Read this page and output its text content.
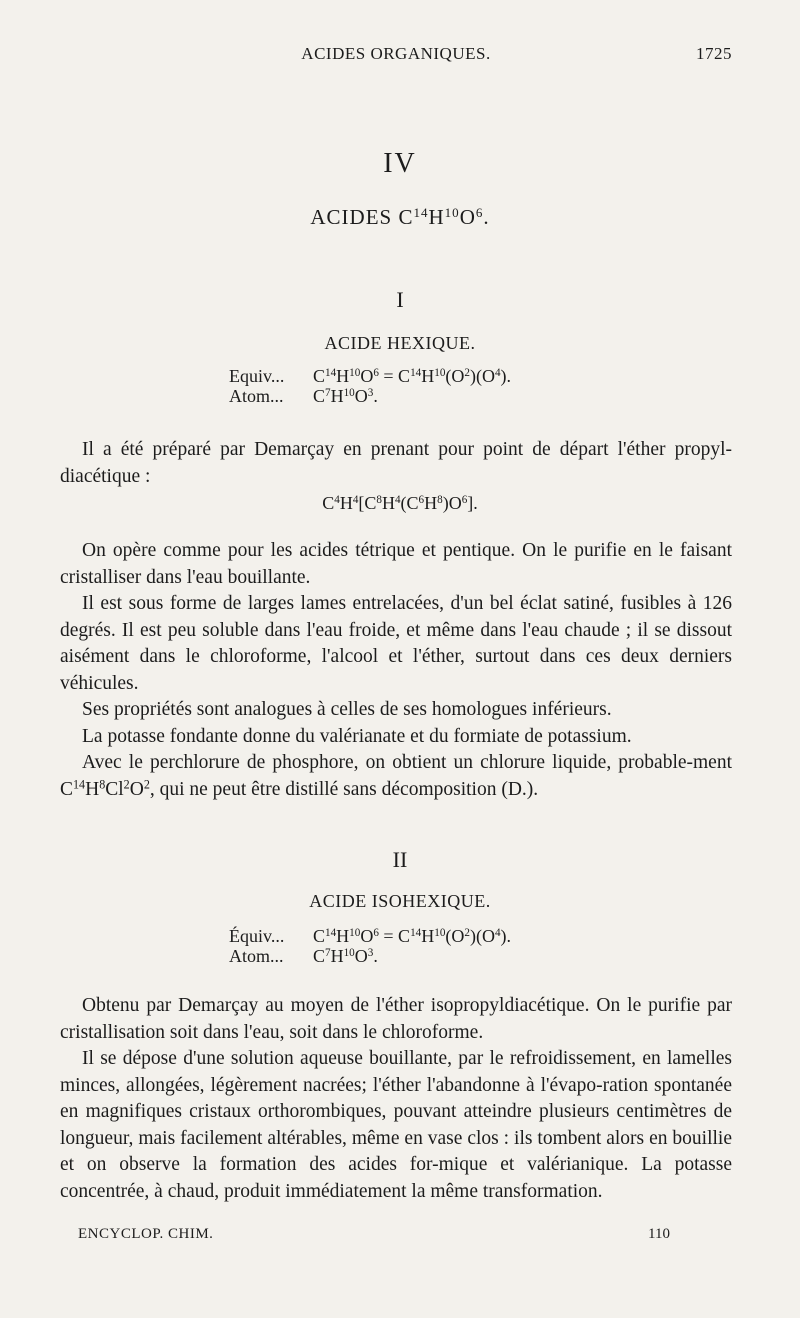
ACIDES ORGANIQUES.	1725
IV
ACIDES $C^{14}H^{10}O^6$.
I
ACIDE HEXIQUE.
Equiv... $C^{14}H^{10}O^6 = C^{14}H^{10}(O^2)(O^4)$.
Atom... $C^7H^{10}O^3$.

Il a été préparé par Demarçay en prenant pour point de départ l'éther propyl-diacétique :

$C^4H^4[C^8H^4(C^6H^8)O^6]$.

On opère comme pour les acides tétrique et pentique. On le purifie en le faisant cristalliser dans l'eau bouillante.

Il est sous forme de larges lames entrelacées, d'un bel éclat satiné, fusibles à 126 degrés. Il est peu soluble dans l'eau froide, et même dans l'eau chaude ; il se dissout aisément dans le chloroforme, l'alcool et l'éther, surtout dans ces deux derniers véhicules.

Ses propriétés sont analogues à celles de ses homologues inférieurs.

La potasse fondante donne du valérianate et du formiate de potassium.

Avec le perchlorure de phosphore, on obtient un chlorure liquide, probable-ment $C^{14}H^8Cl^2O^2$, qui ne peut être distillé sans décomposition (D.).

II
ACIDE ISOHEXIQUE.
Équiv... $C^{14}H^{10}O^6 = C^{14}H^{10}(O^2)(O^4)$.
Atom... $C^7H^{10}O^3$.

Obtenu par Demarçay au moyen de l'éther isopropyldiacétique. On le purifie par cristallisation soit dans l'eau, soit dans le chloroforme.

Il se dépose d'une solution aqueuse bouillante, par le refroidissement, en lamelles minces, allongées, légèrement nacrées; l'éther l'abandonne à l'évapo-ration spontanée en magnifiques cristaux orthorombiques, pouvant atteindre plusieurs centimètres de longueur, mais facilement altérables, même en vase clos : ils tombent alors en bouillie et on observe la formation des acides for-mique et valérianique. La potasse concentrée, à chaud, produit immédiatement la même transformation.

ENCYCLOP. CHIM.	110
